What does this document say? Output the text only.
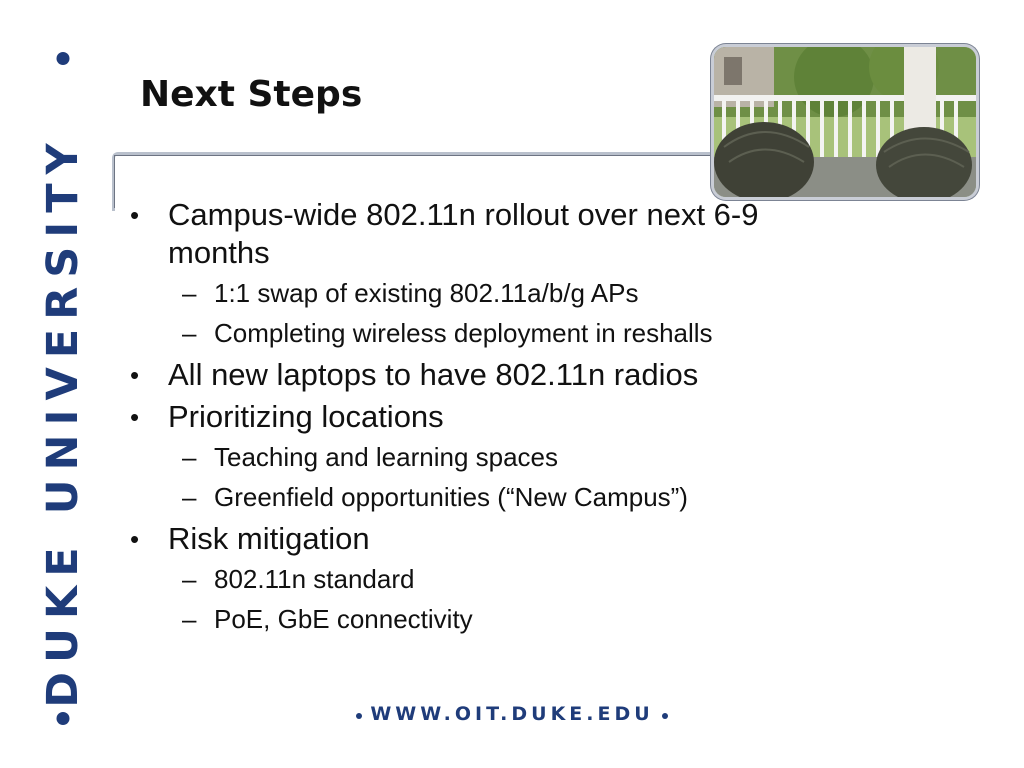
DUKE UNIVERSITY
Next Steps
• Campus-wide 802.11n rollout over next 6-9
months
– 1:1 swap of existing 802.11a/b/g APs
– Completing wireless deployment in reshalls
• All new laptops to have 802.11n radios
• Prioritizing locations
– Teaching and learning spaces
– Greenfield opportunities (“New Campus”)
• Risk mitigation
– 802.11n standard
– PoE, GbE connectivity
WWW.OIT.DUKE.EDU
